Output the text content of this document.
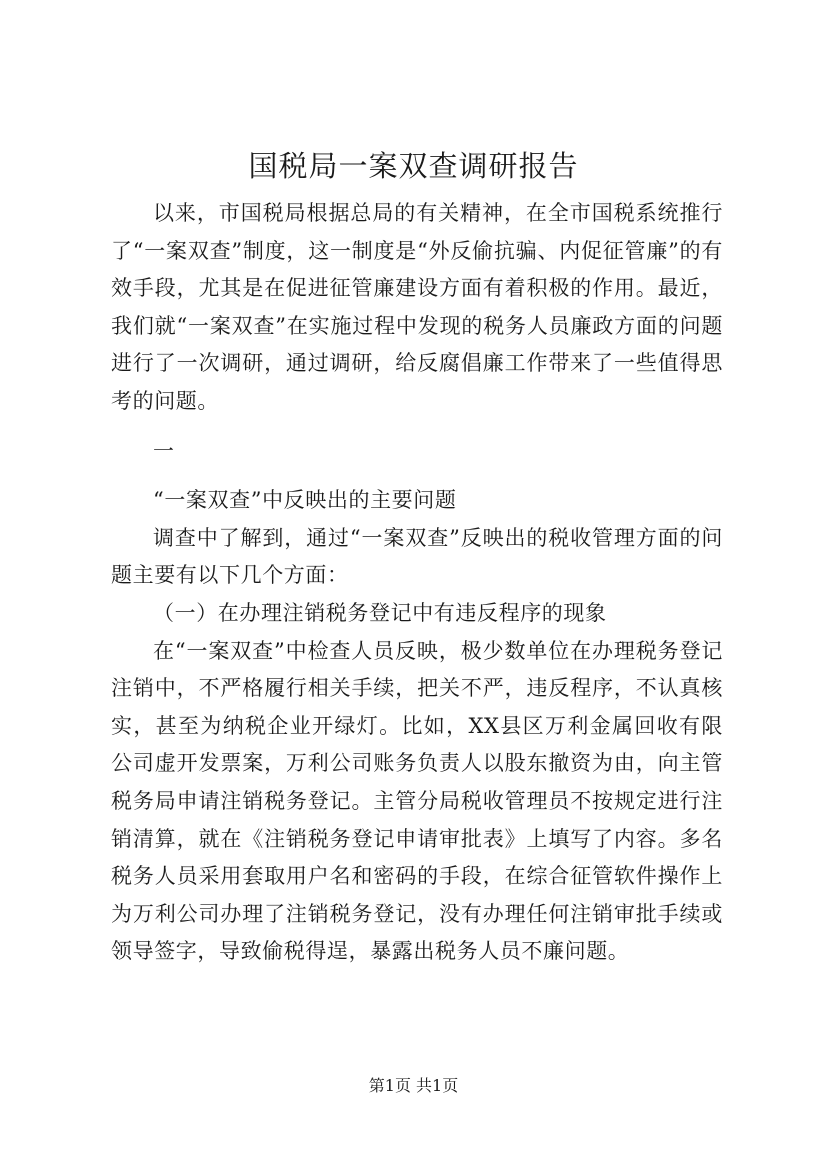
国税局一案双查调研报告

以来，市国税局根据总局的有关精神，在全市国税系统推行了“一案双查”制度，这一制度是“外反偷抗骗、内促征管廉”的有效手段，尤其是在促进征管廉建设方面有着积极的作用。最近，我们就“一案双查”在实施过程中发现的税务人员廉政方面的问题进行了一次调研，通过调研，给反腐倡廉工作带来了一些值得思考的问题。

一

“一案双查”中反映出的主要问题

调查中了解到，通过“一案双查”反映出的税收管理方面的问题主要有以下几个方面：

（一）在办理注销税务登记中有违反程序的现象

在“一案双查”中检查人员反映，极少数单位在办理税务登记注销中，不严格履行相关手续，把关不严，违反程序，不认真核实，甚至为纳税企业开绿灯。比如，XX县区万利金属回收有限公司虚开发票案，万利公司账务负责人以股东撤资为由，向主管税务局申请注销税务登记。主管分局税收管理员不按规定进行注销清算，就在《注销税务登记申请审批表》上填写了内容。多名税务人员采用套取用户名和密码的手段，在综合征管软件操作上为万利公司办理了注销税务登记，没有办理任何注销审批手续或领导签字，导致偷税得逞，暴露出税务人员不廉问题。

第1页 共1页
